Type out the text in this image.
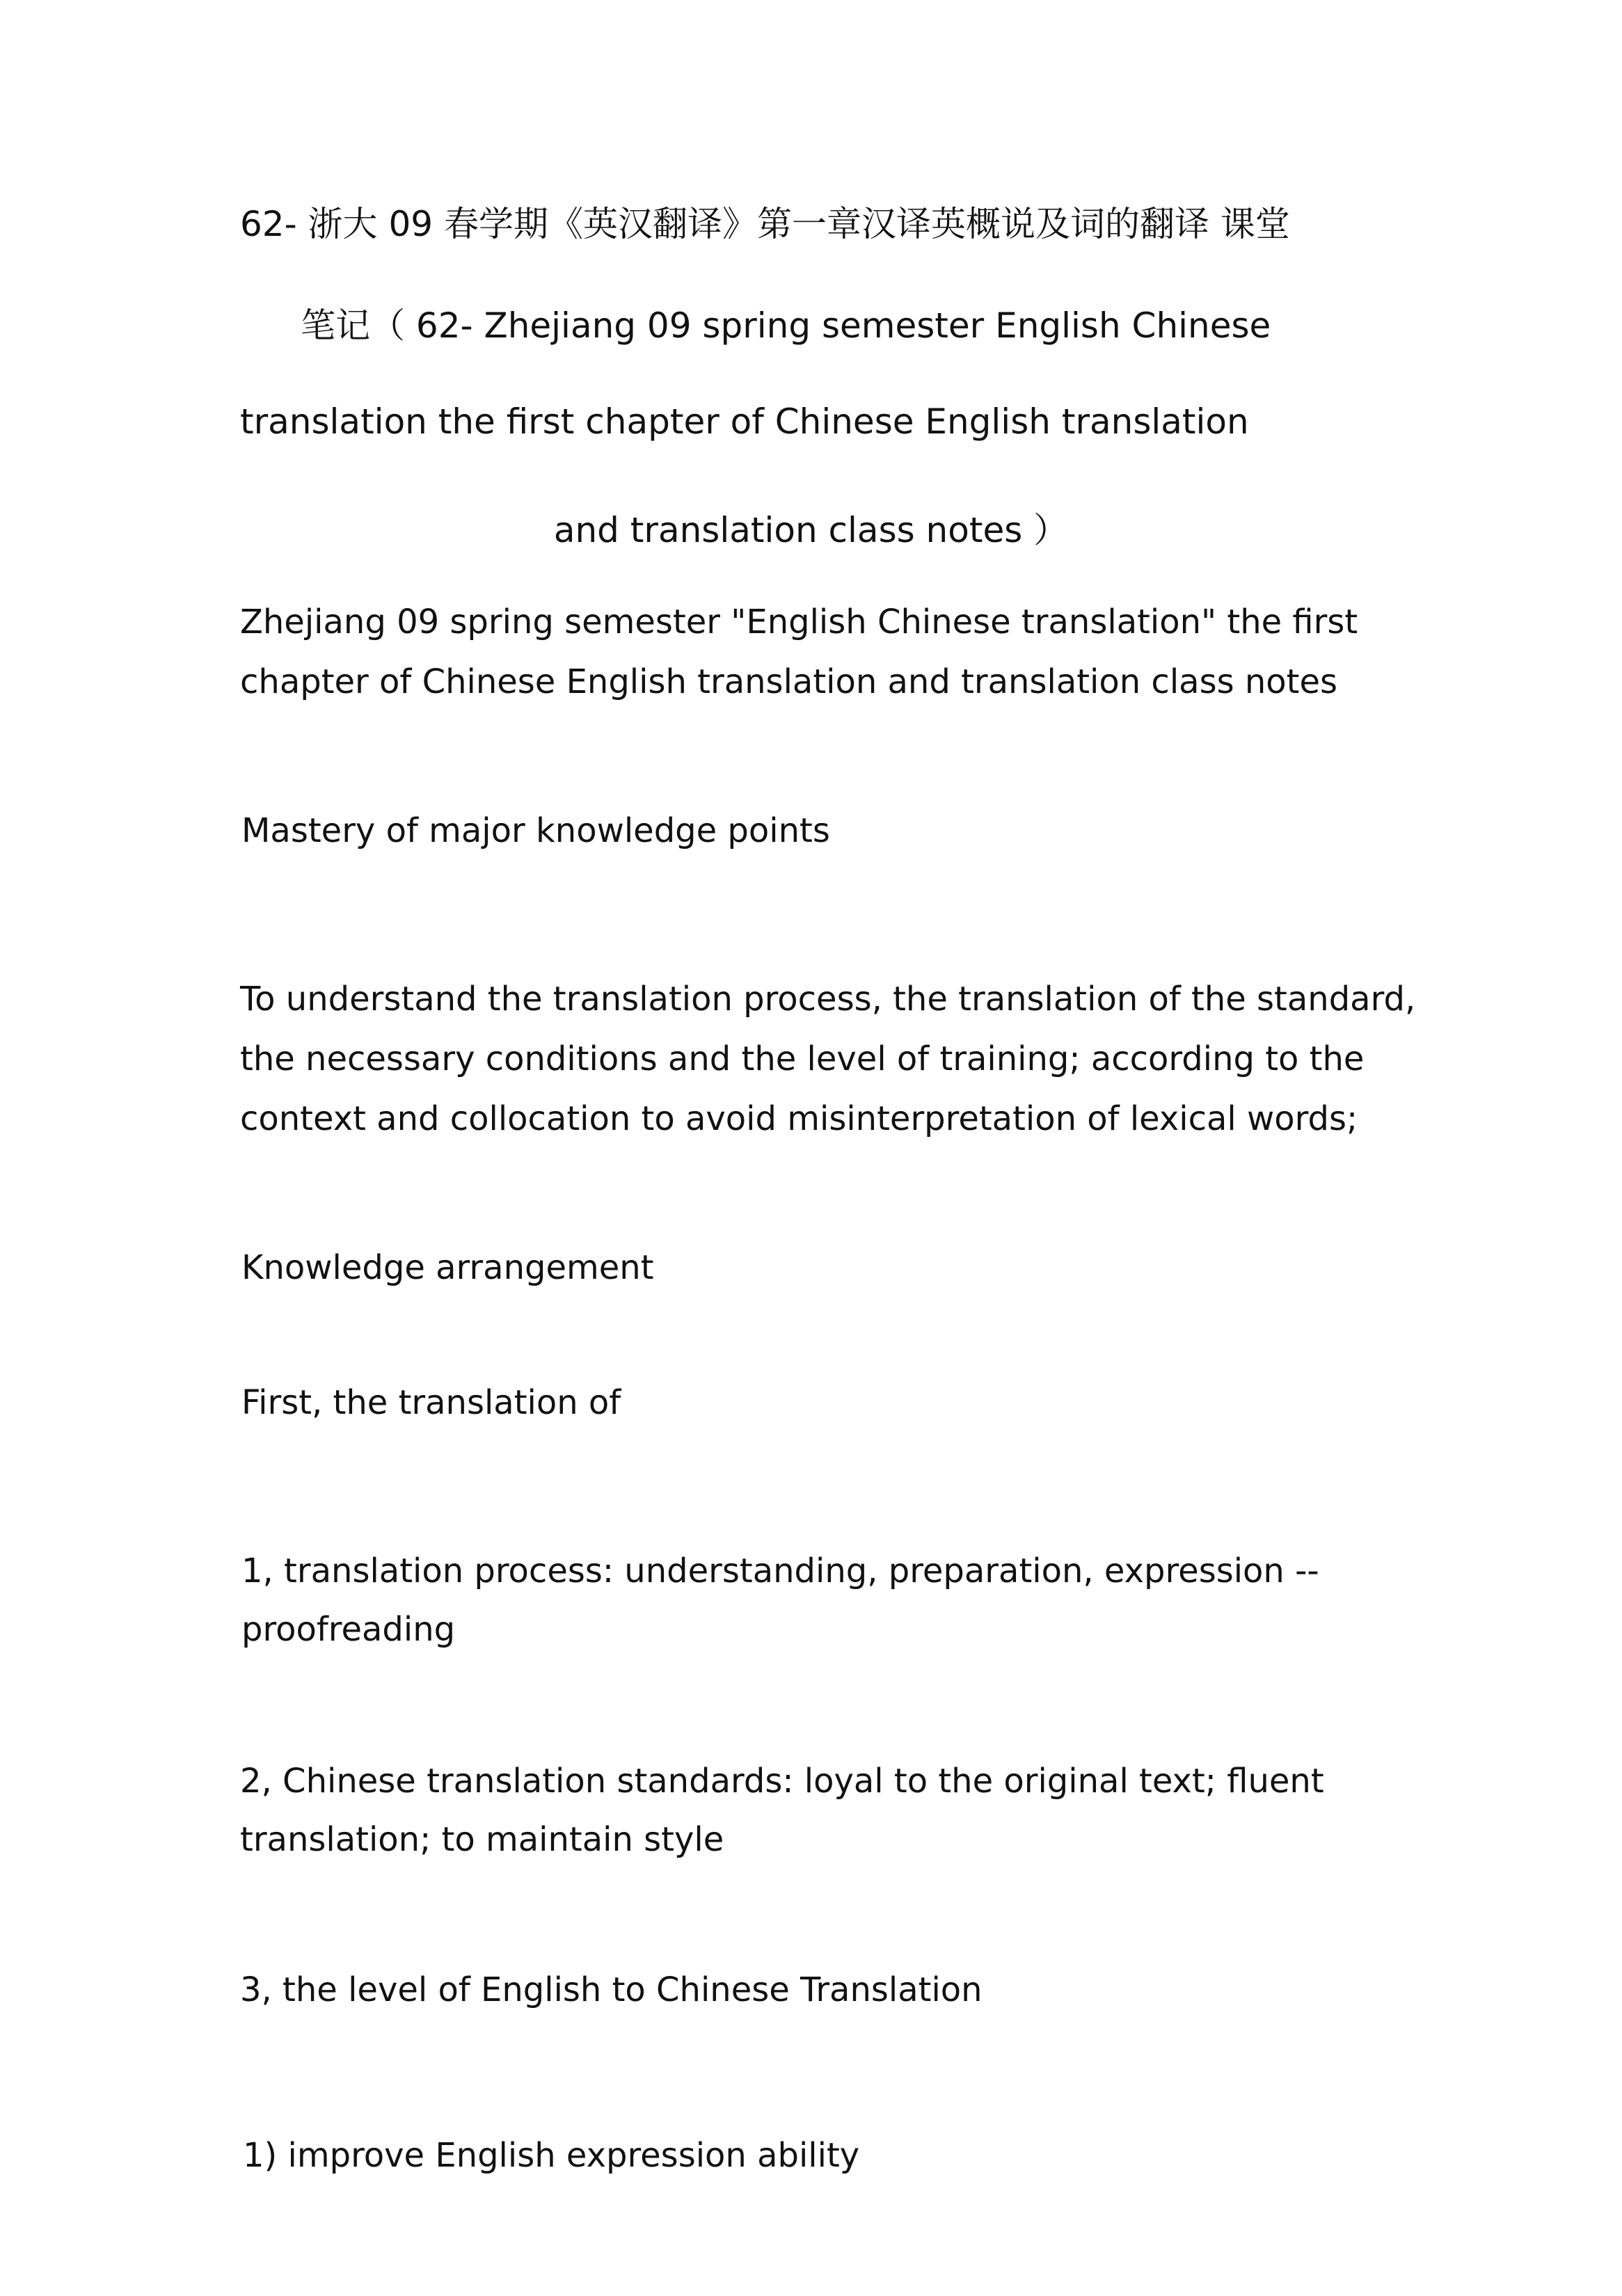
62- 浙大 09 春学期《英汉翻译》第一章汉译英概说及词的翻译 课堂
笔记（ 62- Zhejiang 09 spring semester English Chinese
translation the first chapter of Chinese English translation
and translation class notes ）
Zhejiang 09 spring semester "English Chinese translation" the first
chapter of Chinese English translation and translation class notes
Mastery of major knowledge points
To understand the translation process, the translation of the standard,
the necessary conditions and the level of training; according to the
context and collocation to avoid misinterpretation of lexical words;
Knowledge arrangement
First, the translation of
1, translation process: understanding, preparation, expression --
proofreading
2, Chinese translation standards: loyal to the original text; fluent
translation; to maintain style
3, the level of English to Chinese Translation
1) improve English expression ability
